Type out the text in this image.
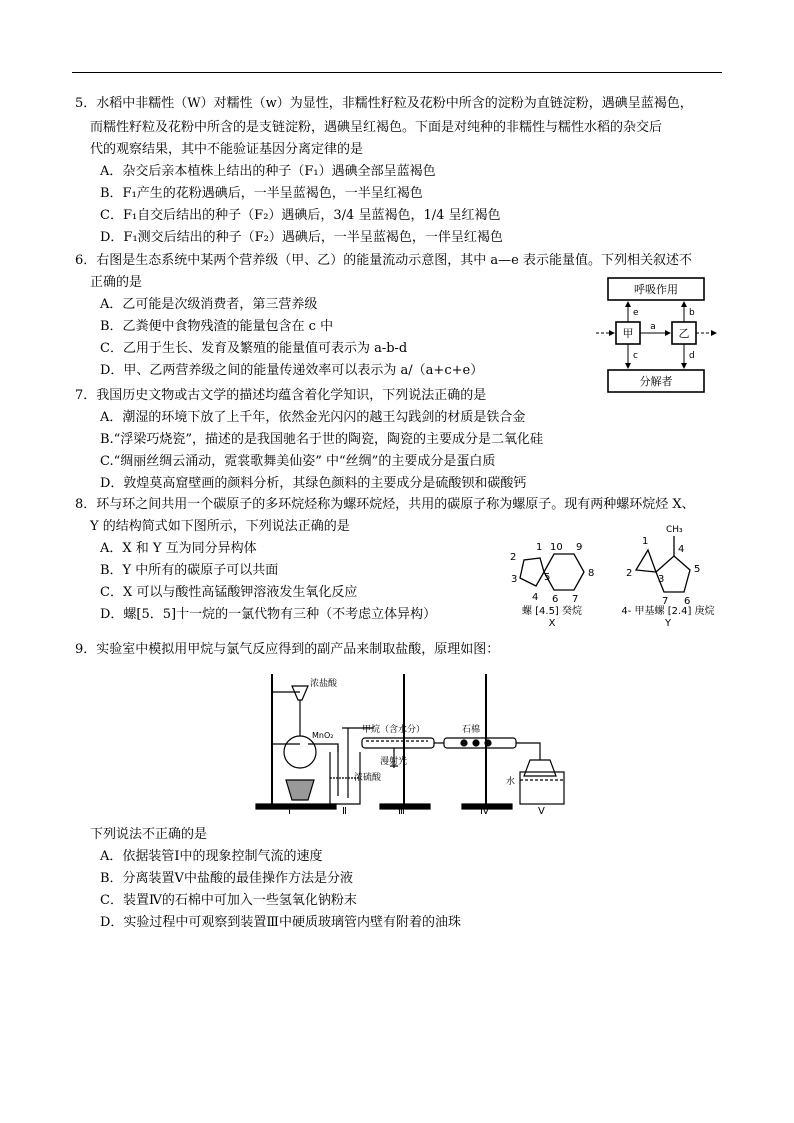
5．水稻中非糯性（W）对糯性（w）为显性，非糯性籽粒及花粉中所含的淀粉为直链淀粉，遇碘呈蓝褐色，
而糯性籽粒及花粉中所含的是支链淀粉，遇碘呈红褐色。下面是对纯种的非糯性与糯性水稻的杂交后
代的观察结果，其中不能验证基因分离定律的是
A．杂交后亲本植株上结出的种子（F₁）遇碘全部呈蓝褐色
B．F₁产生的花粉遇碘后，一半呈蓝褐色，一半呈红褐色
C．F₁自交后结出的种子（F₂）遇碘后，3/4 呈蓝褐色，1/4 呈红褐色
D．F₁测交后结出的种子（F₂）遇碘后，一半呈蓝褐色，一伴呈红褐色
6．右图是生态系统中某两个营养级（甲、乙）的能量流动示意图，其中 a—e 表示能量值。下列相关叙述不
正确的是
A．乙可能是次级消费者，第三营养级
B．乙粪便中食物残渣的能量包含在 c 中
C．乙用于生长、发育及繁殖的能量值可表示为 a-b-d
D．甲、乙两营养级之间的能量传递效率可以表示为 a/（a+c+e）
呼吸作用
分解者
甲	乙
a
e	b
c	d
7．我国历史文物或古文学的描述均蕴含着化学知识，下列说法正确的是
A．潮湿的环境下放了上千年，依然金光闪闪的越王勾践剑的材质是铁合金
B.“浮梁巧烧瓷”，描述的是我国驰名于世的陶瓷，陶瓷的主要成分是二氧化硅
C.“绸丽丝绸云涌动，霓裳歌舞美仙姿” 中“丝绸”的主要成分是蛋白质
D．敦煌莫高窟壁画的颜料分析，其绿色颜料的主要成分是硫酸钡和碳酸钙
8．环与环之间共用一个碳原子的多环烷烃称为螺环烷烃，共用的碳原子称为螺原子。现有两种螺环烷烃 X、
Y 的结构简式如下图所示，下列说法正确的是
A．X 和 Y 互为同分异构体
B．Y 中所有的碳原子可以共面
C．X 可以与酸性高锰酸钾溶液发生氧化反应
D．螺[5．5]十一烷的一氯代物有三种（不考虑立体异构）
1
2
3
4
5
6 7
8
9
10
螺 [4.5] 癸烷
X
CH₃
1
2
3
4
5
6
7
4- 甲基螺 [2.4] 庚烷
Y
9．实验室中模拟用甲烷与氯气反应得到的副产品来制取盐酸，原理如图：
浓盐酸
MnO₂
甲烷（含水分）	石棉
水
漫射光
浓硫酸
Ⅰ	Ⅱ	Ⅲ	Ⅳ	Ⅴ
下列说法不正确的是
A．依据装管Ⅰ中的现象控制气流的速度
B．分离装置Ⅴ中盐酸的最佳操作方法是分液
C．装置Ⅳ的石棉中可加入一些氢氧化钠粉末
D．实验过程中可观察到装置Ⅲ中硬质玻璃管内壁有附着的油珠
